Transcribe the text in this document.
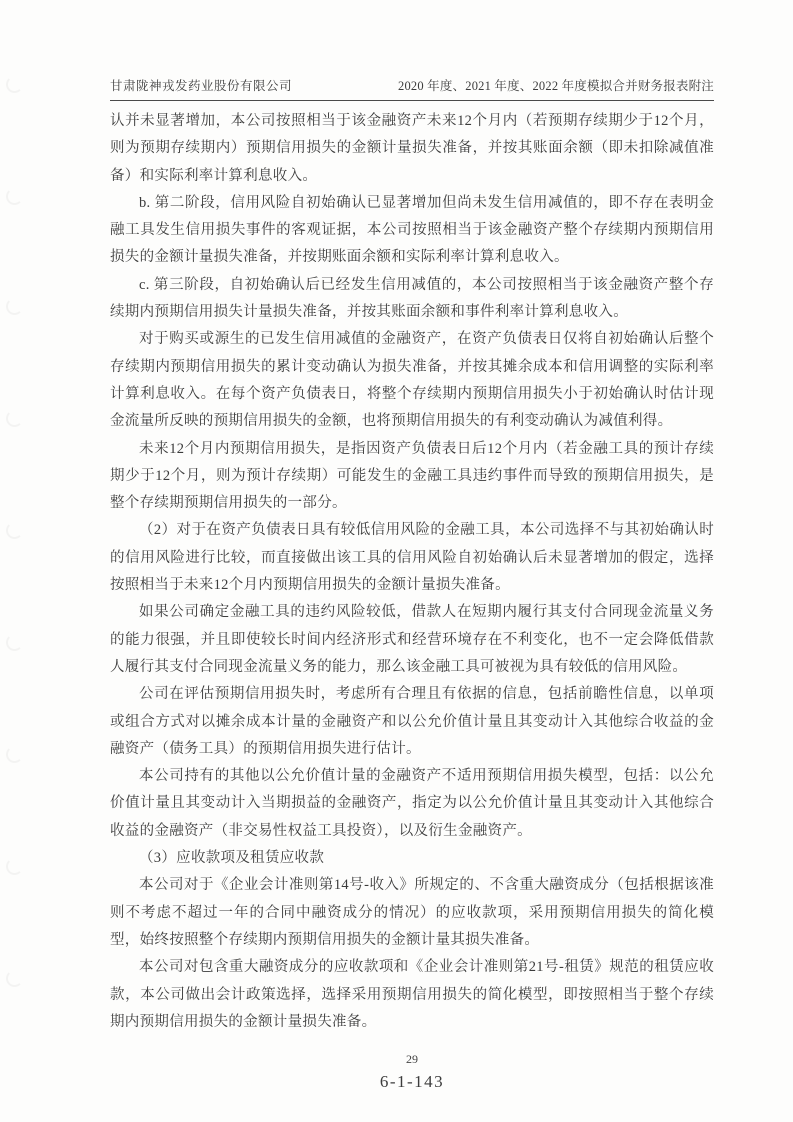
甘肃陇神戎发药业股份有限公司	2020 年度、2021 年度、2022 年度模拟合并财务报表附注

认并未显著增加，本公司按照相当于该金融资产未来12个月内（若预期存续期少于12个月，则为预期存续期内）预期信用损失的金额计量损失准备，并按其账面余额（即未扣除减值准备）和实际利率计算利息收入。

b. 第二阶段，信用风险自初始确认已显著增加但尚未发生信用减值的，即不存在表明金融工具发生信用损失事件的客观证据，本公司按照相当于该金融资产整个存续期内预期信用损失的金额计量损失准备，并按期账面余额和实际利率计算利息收入。

c. 第三阶段，自初始确认后已经发生信用减值的，本公司按照相当于该金融资产整个存续期内预期信用损失计量损失准备，并按其账面余额和事件利率计算利息收入。

对于购买或源生的已发生信用减值的金融资产，在资产负债表日仅将自初始确认后整个存续期内预期信用损失的累计变动确认为损失准备，并按其摊余成本和信用调整的实际利率计算利息收入。在每个资产负债表日，将整个存续期内预期信用损失小于初始确认时估计现金流量所反映的预期信用损失的金额，也将预期信用损失的有利变动确认为减值利得。

未来12个月内预期信用损失，是指因资产负债表日后12个月内（若金融工具的预计存续期少于12个月，则为预计存续期）可能发生的金融工具违约事件而导致的预期信用损失，是整个存续期预期信用损失的一部分。

（2）对于在资产负债表日具有较低信用风险的金融工具，本公司选择不与其初始确认时的信用风险进行比较，而直接做出该工具的信用风险自初始确认后未显著增加的假定，选择按照相当于未来12个月内预期信用损失的金额计量损失准备。

如果公司确定金融工具的违约风险较低，借款人在短期内履行其支付合同现金流量义务的能力很强，并且即使较长时间内经济形式和经营环境存在不利变化，也不一定会降低借款人履行其支付合同现金流量义务的能力，那么该金融工具可被视为具有较低的信用风险。

公司在评估预期信用损失时，考虑所有合理且有依据的信息，包括前瞻性信息，以单项或组合方式对以摊余成本计量的金融资产和以公允价值计量且其变动计入其他综合收益的金融资产（债务工具）的预期信用损失进行估计。

本公司持有的其他以公允价值计量的金融资产不适用预期信用损失模型，包括：以公允价值计量且其变动计入当期损益的金融资产，指定为以公允价值计量且其变动计入其他综合收益的金融资产（非交易性权益工具投资），以及衍生金融资产。

（3）应收款项及租赁应收款

本公司对于《企业会计准则第14号-收入》所规定的、不含重大融资成分（包括根据该准则不考虑不超过一年的合同中融资成分的情况）的应收款项，采用预期信用损失的简化模型，始终按照整个存续期内预期信用损失的金额计量其损失准备。

本公司对包含重大融资成分的应收款项和《企业会计准则第21号-租赁》规范的租赁应收款，本公司做出会计政策选择，选择采用预期信用损失的简化模型，即按照相当于整个存续期内预期信用损失的金额计量损失准备。

29
6-1-143
